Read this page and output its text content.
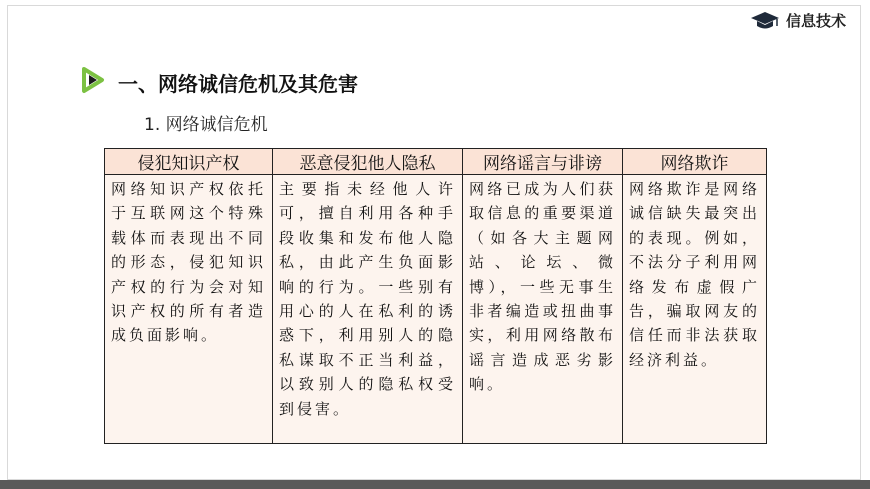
信息技术
一、网络诚信危机及其危害
1. 网络诚信危机
侵犯知识产权	恶意侵犯他人隐私	网络谣言与诽谤	网络欺诈

网络知识产权依托于互联网这个特殊载体而表现出不同的形态，侵犯知识产权的行为会对知识产权的所有者造成负面影响。	主要指未经他人许可，擅自利用各种手段收集和发布他人隐私，由此产生负面影响的行为。一些别有用心的人在私利的诱惑下，利用别人的隐私谋取不正当利益，以致别人的隐私权受到侵害。	网络已成为人们获取信息的重要渠道（如各大主题网站、论坛、微博），一些无事生非者编造或扭曲事实，利用网络散布谣言造成恶劣影响。	网络欺诈是网络诚信缺失最突出的表现。例如，不法分子利用网络发布虚假广告，骗取网友的信任而非法获取经济利益。
